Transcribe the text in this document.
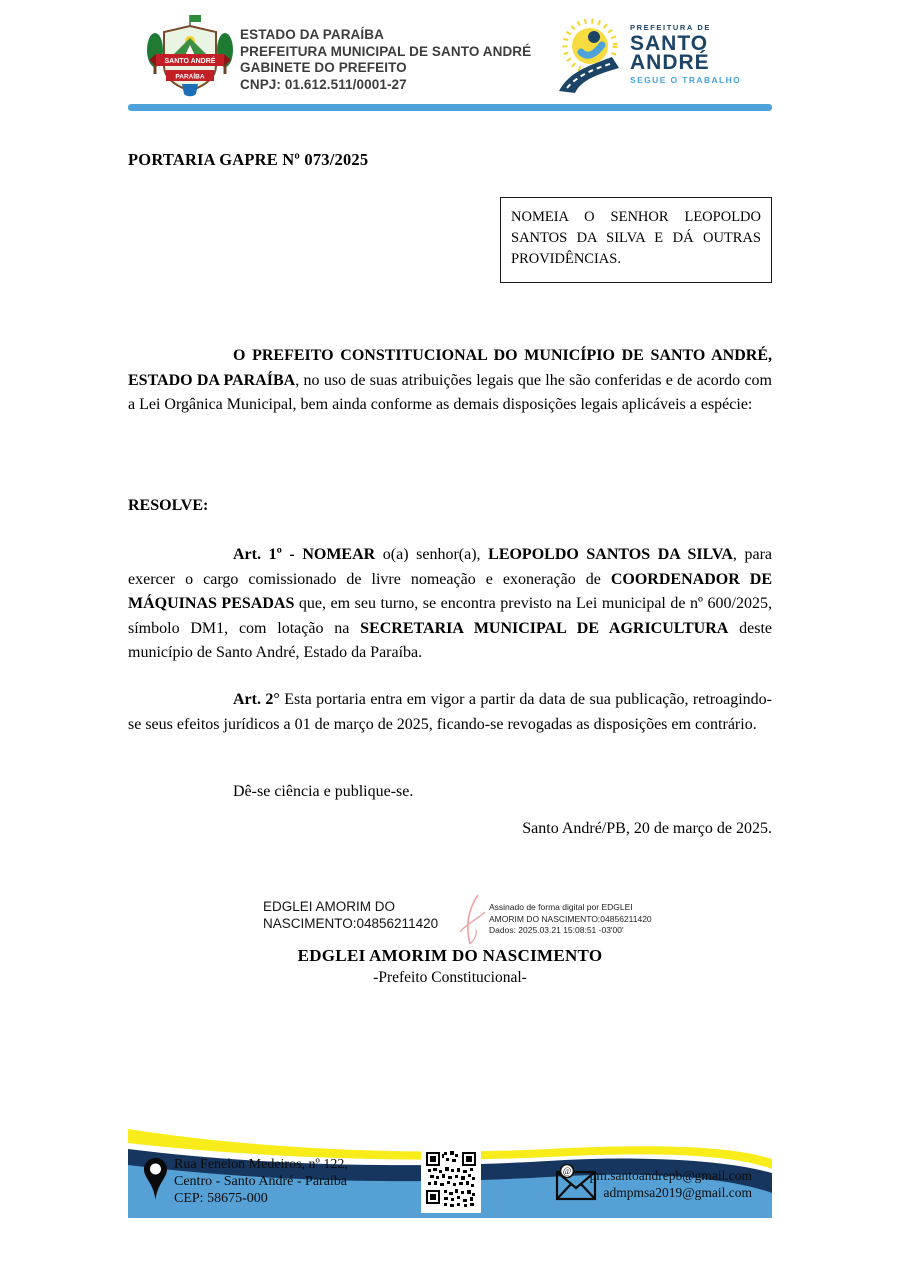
SANTO ANDRÉ
PARAÍBA
ESTADO DA PARAÍBA
PREFEITURA MUNICIPAL DE SANTO ANDRÉ
GABINETE DO PREFEITO
CNPJ: 01.612.511/0001-27
PREFEITURA DE
SANTO
ANDRÉ
SEGUE O TRABALHO
PORTARIA GAPRE Nº 073/2025
NOMEIA O SENHOR LEOPOLDO SANTOS DA SILVA E DÁ OUTRAS PROVIDÊNCIAS.

O PREFEITO CONSTITUCIONAL DO MUNICÍPIO DE SANTO ANDRÉ, ESTADO DA PARAÍBA, no uso de suas atribuições legais que lhe são conferidas e de acordo com a Lei Orgânica Municipal, bem ainda conforme as demais disposições legais aplicáveis a espécie:

RESOLVE:

Art. 1º - NOMEAR o(a) senhor(a), LEOPOLDO SANTOS DA SILVA, para exercer o cargo comissionado de livre nomeação e exoneração de COORDENADOR DE MÁQUINAS PESADAS que, em seu turno, se encontra previsto na Lei municipal de nº 600/2025, símbolo DM1, com lotação na SECRETARIA MUNICIPAL DE AGRICULTURA deste município de Santo André, Estado da Paraíba.

Art. 2° Esta portaria entra em vigor a partir da data de sua publicação, retroagindo-se seus efeitos jurídicos a 01 de março de 2025, ficando-se revogadas as disposições em contrário.

Dê-se ciência e publique-se.

Santo André/PB, 20 de março de 2025.

EDGLEI AMORIM DO
NASCIMENTO:04856211420
Assinado de forma digital por EDGLEI
AMORIM DO NASCIMENTO:04856211420
Dados: 2025.03.21 15:08:51 -03'00'
EDGLEI AMORIM DO NASCIMENTO
-Prefeito Constitucional-
Rua Fenelon Medeiros, nº 122,
Centro - Santo André - Paraíba
CEP: 58675-000
@ pm.santoandrepb@gmail.com
admpmsa2019@gmail.com
